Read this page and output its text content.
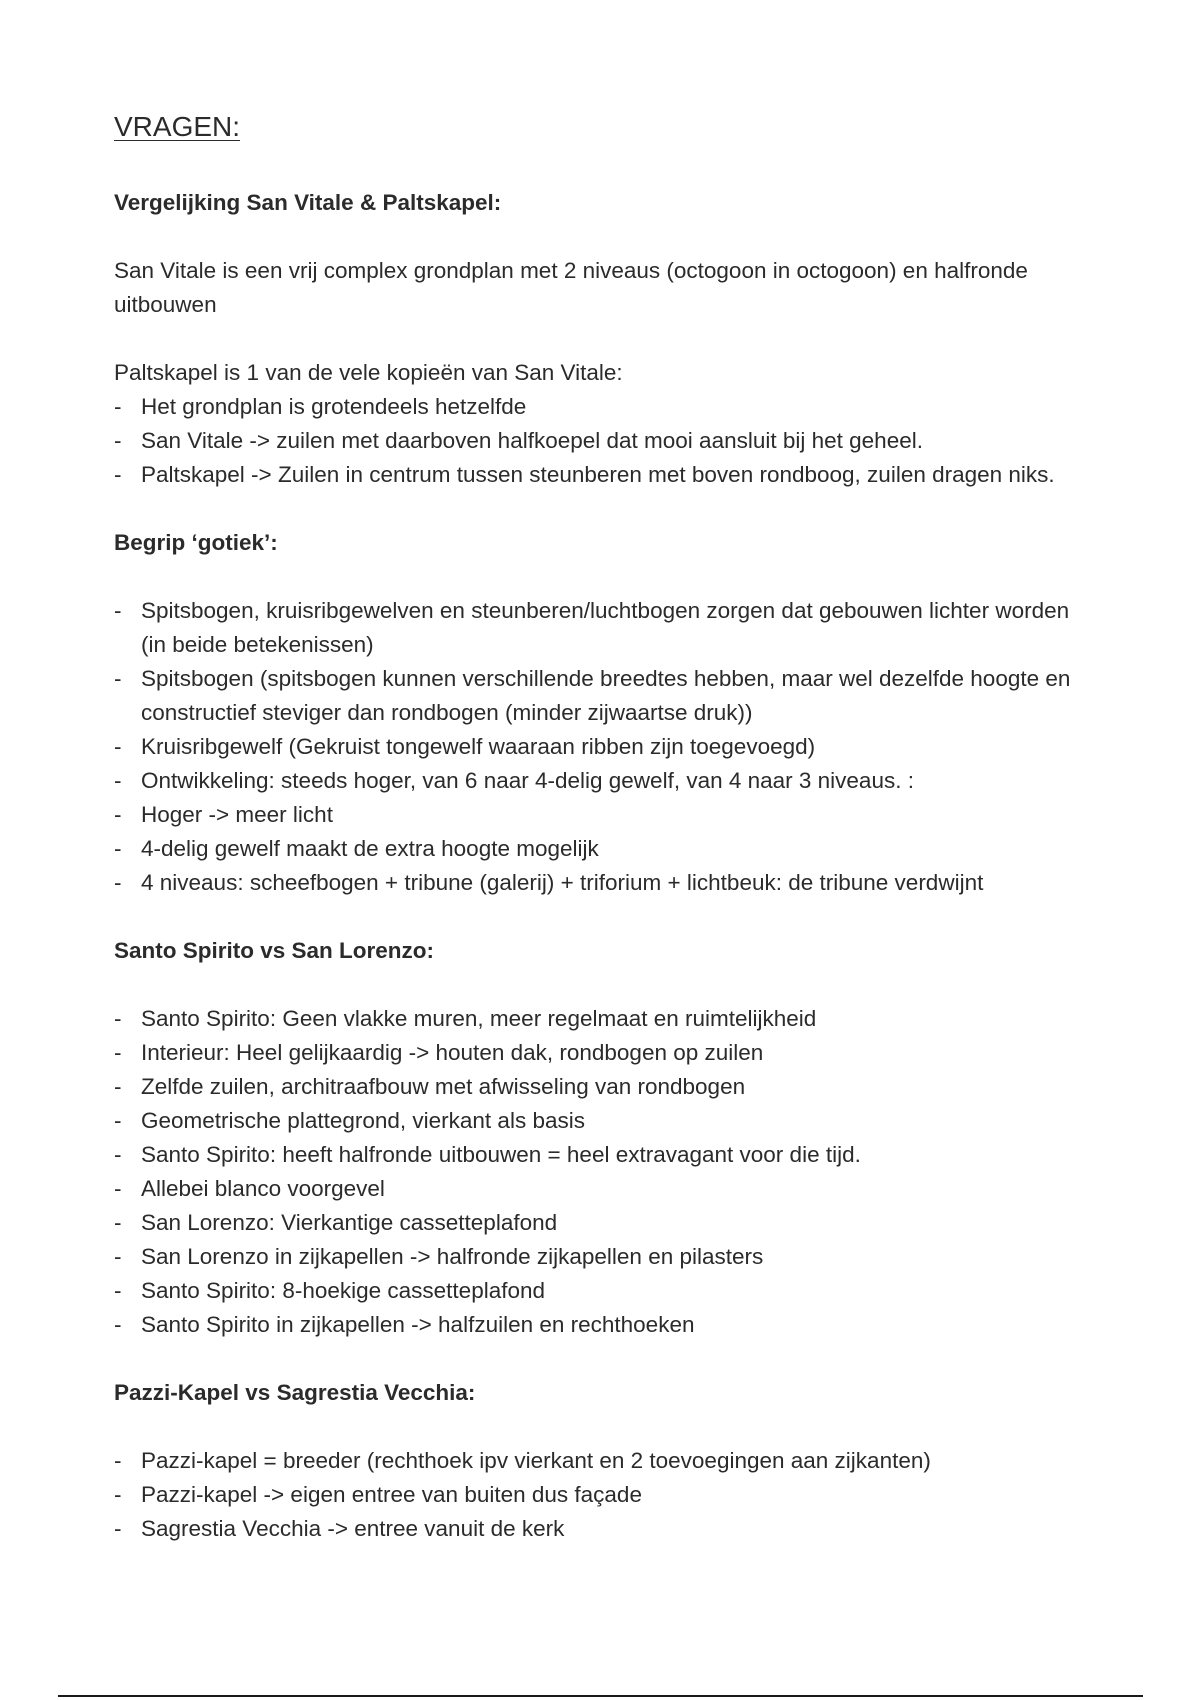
VRAGEN:

Vergelijking San Vitale & Paltskapel:

San Vitale is een vrij complex grondplan met 2 niveaus (octogoon in octogoon) en halfronde uitbouwen

Paltskapel is 1 van de vele kopieën van San Vitale:

- Het grondplan is grotendeels hetzelfde
- San Vitale -> zuilen met daarboven halfkoepel dat mooi aansluit bij het geheel.
- Paltskapel -> Zuilen in centrum tussen steunberen met boven rondboog, zuilen dragen niks.

Begrip ‘gotiek’:

- Spitsbogen, kruisribgewelven en steunberen/luchtbogen zorgen dat gebouwen lichter worden (in beide betekenissen)
- Spitsbogen (spitsbogen kunnen verschillende breedtes hebben, maar wel dezelfde hoogte en constructief steviger dan rondbogen (minder zijwaartse druk))
- Kruisribgewelf (Gekruist tongewelf waaraan ribben zijn toegevoegd)
- Ontwikkeling: steeds hoger, van 6 naar 4-delig gewelf, van 4 naar 3 niveaus. :
- Hoger -> meer licht
- 4-delig gewelf maakt de extra hoogte mogelijk
- 4 niveaus: scheefbogen + tribune (galerij) + triforium + lichtbeuk: de tribune verdwijnt

Santo Spirito vs San Lorenzo:

- Santo Spirito: Geen vlakke muren, meer regelmaat en ruimtelijkheid
- Interieur: Heel gelijkaardig -> houten dak, rondbogen op zuilen
- Zelfde zuilen, architraafbouw met afwisseling van rondbogen
- Geometrische plattegrond, vierkant als basis
- Santo Spirito: heeft halfronde uitbouwen = heel extravagant voor die tijd.
- Allebei blanco voorgevel
- San Lorenzo: Vierkantige cassetteplafond
- San Lorenzo in zijkapellen -> halfronde zijkapellen en pilasters
- Santo Spirito: 8-hoekige cassetteplafond
- Santo Spirito in zijkapellen -> halfzuilen en rechthoeken

Pazzi-Kapel vs Sagrestia Vecchia:

- Pazzi-kapel = breeder (rechthoek ipv vierkant en 2 toevoegingen aan zijkanten)
- Pazzi-kapel -> eigen entree van buiten dus façade
- Sagrestia Vecchia -> entree vanuit de kerk
